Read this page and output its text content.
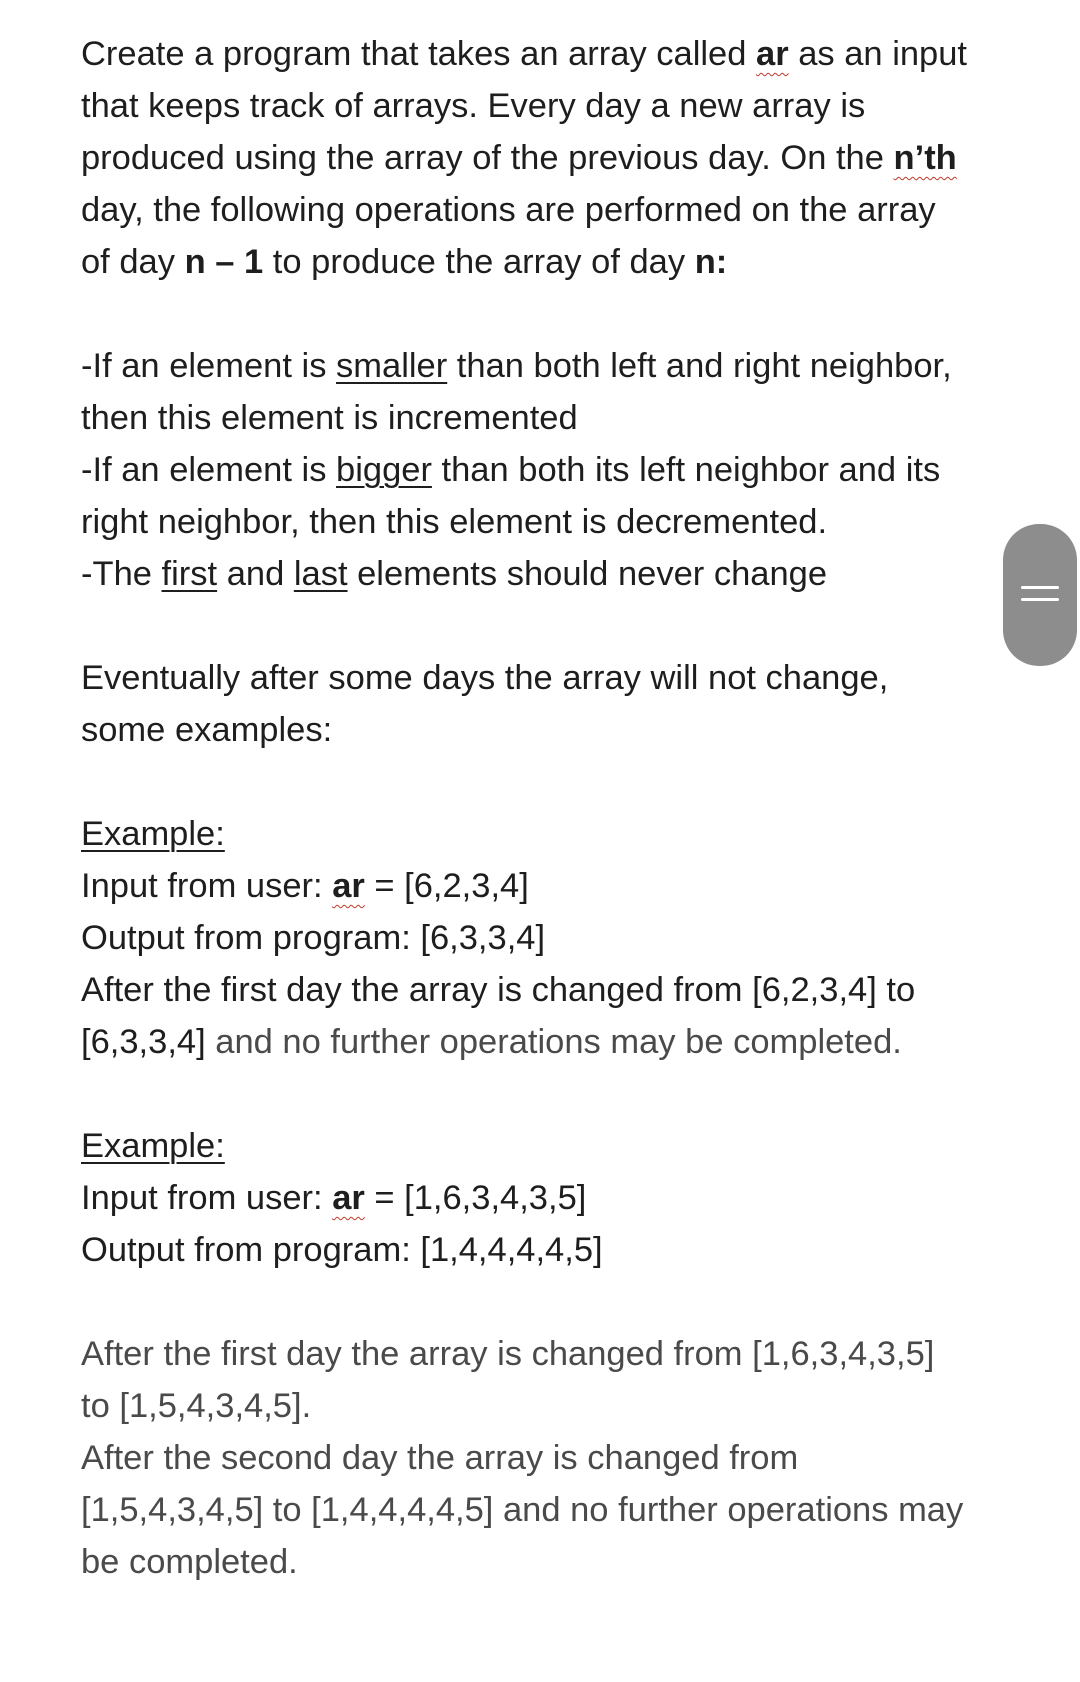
Create a program that takes an array called ar as an input
that keeps track of arrays. Every day a new array is
produced using the array of the previous day. On the n’th
day, the following operations are performed on the array
of day n – 1 to produce the array of day n:
-If an element is smaller than both left and right neighbor,
then this element is incremented
-If an element is bigger than both its left neighbor and its
right neighbor, then this element is decremented.
-The first and last elements should never change
Eventually after some days the array will not change,
some examples:
Example:
Input from user: ar = [6,2,3,4]
Output from program: [6,3,3,4]
After the first day the array is changed from [6,2,3,4] to
[6,3,3,4] and no further operations may be completed.
Example:
Input from user: ar = [1,6,3,4,3,5]
Output from program: [1,4,4,4,4,5]
After the first day the array is changed from [1,6,3,4,3,5]
to [1,5,4,3,4,5].
After the second day the array is changed from
[1,5,4,3,4,5] to [1,4,4,4,4,5] and no further operations may
be completed.
